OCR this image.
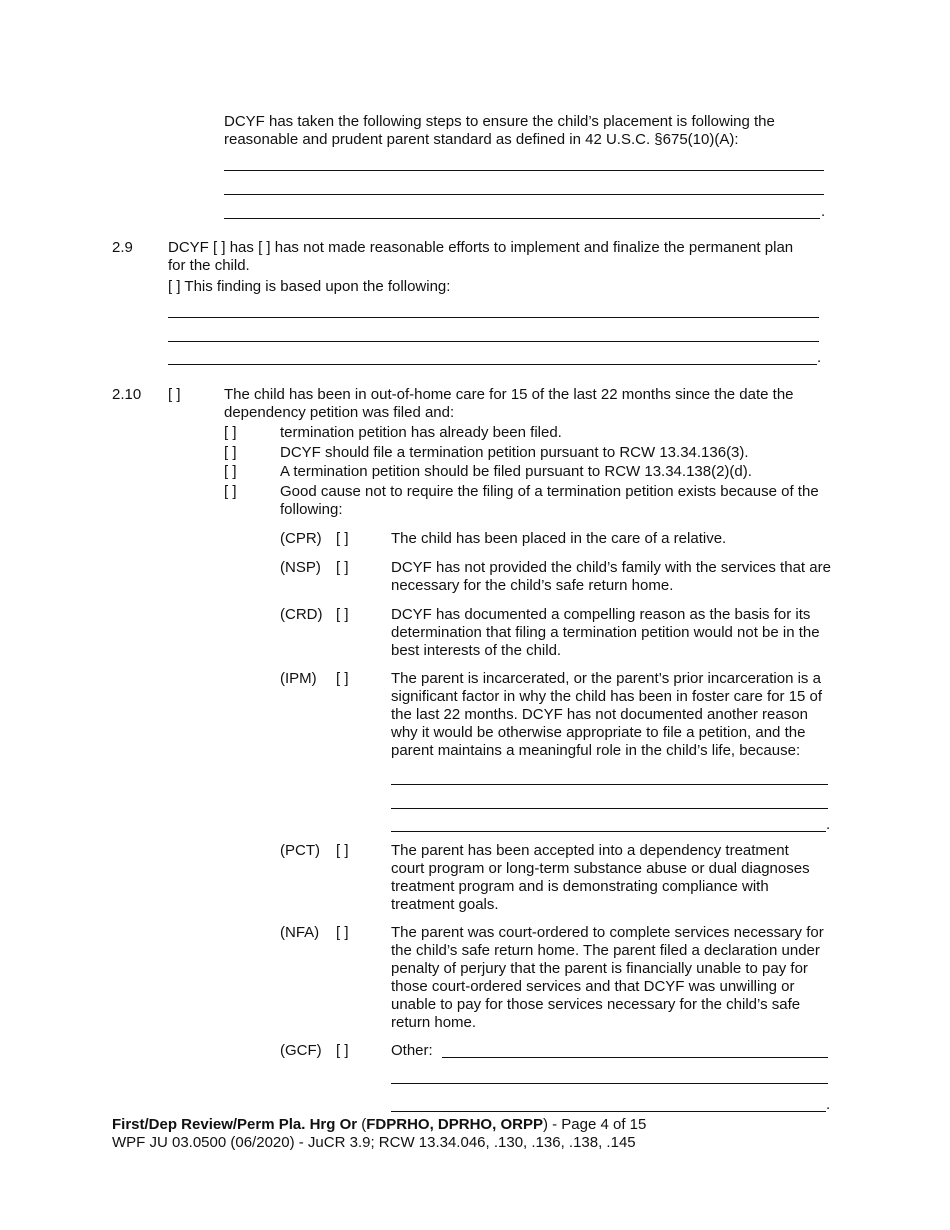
DCYF has taken the following steps to ensure the child’s placement is following the
reasonable and prudent parent standard as defined in 42 U.S.C. §675(10)(A):
.
2.9 DCYF [ ] has [ ] has not made reasonable efforts to implement and finalize the permanent plan
for the child.
[ ] This finding is based upon the following:
.
2.10 [ ]	The child has been in out-of-home care for 15 of the last 22 months since the date the
dependency petition was filed and:
[ ]	termination petition has already been filed.
[ ]	DCYF should file a termination petition pursuant to RCW 13.34.136(3).
[ ]	A termination petition should be filed pursuant to RCW 13.34.138(2)(d).
[ ]	Good cause not to require the filing of a termination petition exists because of the
following:
(CPR) [ ]	The child has been placed in the care of a relative.
(NSP) [ ]	DCYF has not provided the child’s family with the services that are
necessary for the child’s safe return home.
(CRD) [ ]	DCYF has documented a compelling reason as the basis for its
determination that filing a termination petition would not be in the
best interests of the child.
(IPM) [ ]	The parent is incarcerated, or the parent’s prior incarceration is a
significant factor in why the child has been in foster care for 15 of
the last 22 months. DCYF has not documented another reason
why it would be otherwise appropriate to file a petition, and the
parent maintains a meaningful role in the child’s life, because:
.
(PCT) [ ]	The parent has been accepted into a dependency treatment
court program or long-term substance abuse or dual diagnoses
treatment program and is demonstrating compliance with
treatment goals.
(NFA) [ ]	The parent was court-ordered to complete services necessary for
the child’s safe return home. The parent filed a declaration under
penalty of perjury that the parent is financially unable to pay for
those court-ordered services and that DCYF was unwilling or
unable to pay for those services necessary for the child’s safe
return home.
(GCF) [ ]	Other:
.
First/Dep Review/Perm Pla. Hrg Or (FDPRHO, DPRHO, ORPP) - Page 4 of 15
WPF JU 03.0500 (06/2020) - JuCR 3.9; RCW 13.34.046, .130, .136, .138, .145
